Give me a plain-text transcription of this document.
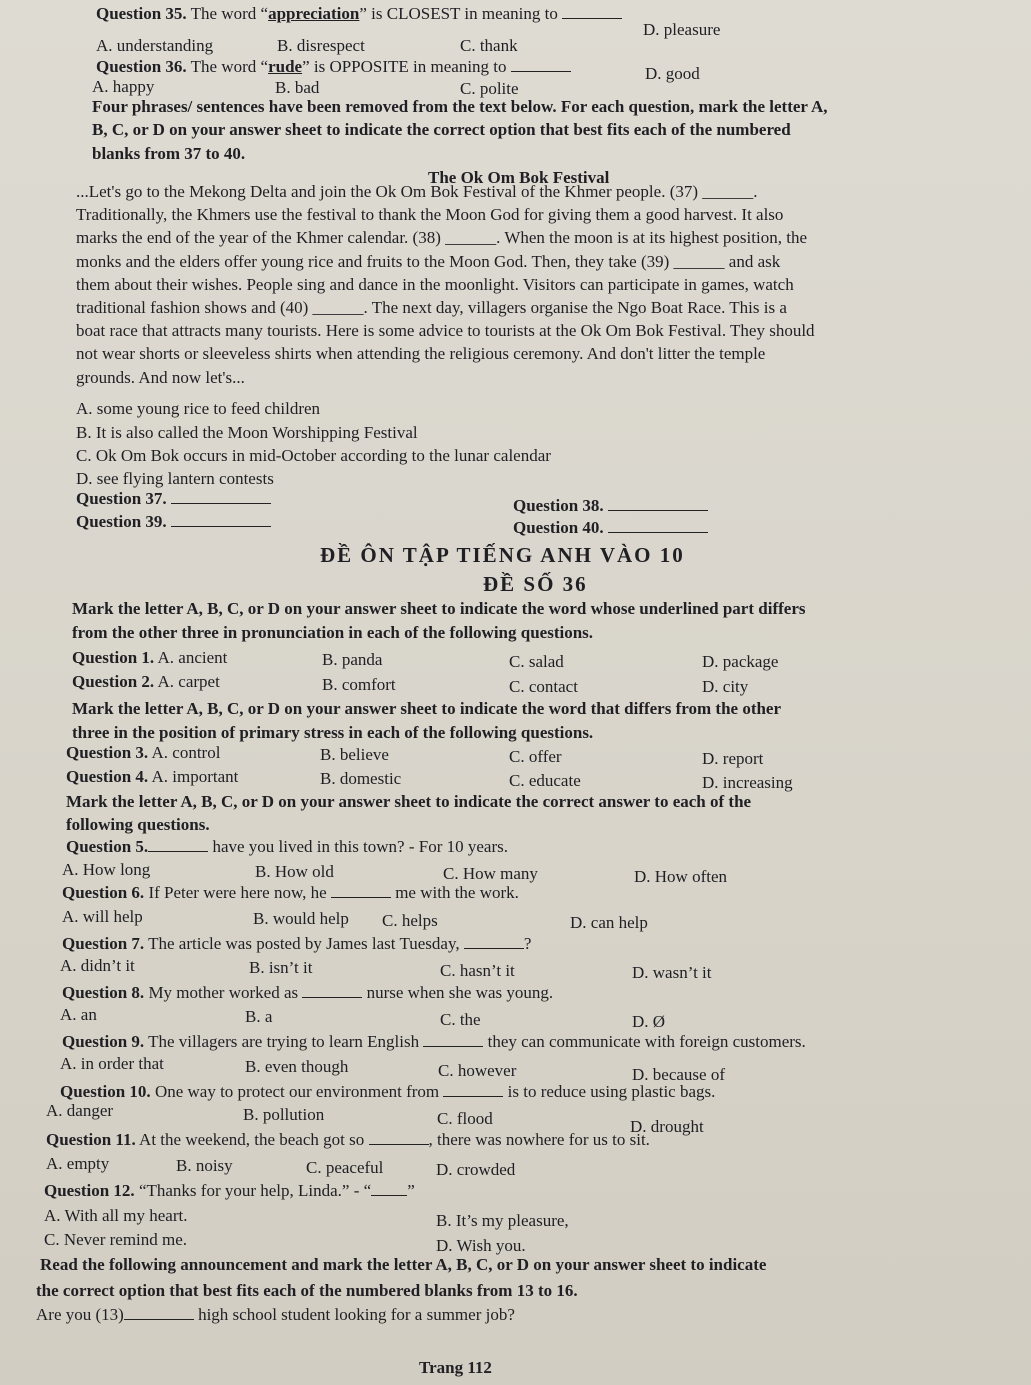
Question 35. The word “appreciation” is CLOSEST in meaning to
A. understanding	B. disrespect	C. thank
D. pleasure
Question 36. The word “rude” is OPPOSITE in meaning to
A. happy	B. bad	C. polite
D. good
Four phrases/ sentences have been removed from the text below. For each question, mark the letter A,
B, C, or D on your answer sheet to indicate the correct option that best fits each of the numbered
blanks from 37 to 40.
The Ok Om Bok Festival
...Let's go to the Mekong Delta and join the Ok Om Bok Festival of the Khmer people. (37) ______.
Traditionally, the Khmers use the festival to thank the Moon God for giving them a good harvest. It also
marks the end of the year of the Khmer calendar. (38) ______. When the moon is at its highest position, the
monks and the elders offer young rice and fruits to the Moon God. Then, they take (39) ______ and ask
them about their wishes. People sing and dance in the moonlight. Visitors can participate in games, watch
traditional fashion shows and (40) ______. The next day, villagers organise the Ngo Boat Race. This is a
boat race that attracts many tourists. Here is some advice to tourists at the Ok Om Bok Festival. They should
not wear shorts or sleeveless shirts when attending the religious ceremony. And don't litter the temple
grounds. And now let's...
A. some young rice to feed children
B. It is also called the Moon Worshipping Festival
C. Ok Om Bok occurs in mid-October according to the lunar calendar
D. see flying lantern contests
Question 37.	Question 38.
Question 39.	Question 40.
ĐỀ ÔN TẬP TIẾNG ANH VÀO 10
ĐỀ SỐ 36
Mark the letter A, B, C, or D on your answer sheet to indicate the word whose underlined part differs
from the other three in pronunciation in each of the following questions.
Question 1. A. ancient	B. panda	C. salad	D. package
Question 2. A. carpet	B. comfort	C. contact	D. city
Mark the letter A, B, C, or D on your answer sheet to indicate the word that differs from the other
three in the position of primary stress in each of the following questions.
Question 3. A. control	B. believe	C. offer	D. report
Question 4. A. important	B. domestic	C. educate	D. increasing
Mark the letter A, B, C, or D on your answer sheet to indicate the correct answer to each of the
following questions.
Question 5.	have you lived in this town? - For 10 years.
A. How long	B. How old	C. How many	D. How often
Question 6. If Peter were here now, he	me with the work.
A. will help	B. would help C. helps	D. can help
Question 7. The article was posted by James last Tuesday,	?
A. didn’t it	B. isn’t it	C. hasn’t it	D. wasn’t it
Question 8. My mother worked as	nurse when she was young.
A. an	B. a	C. the	D. Ø
Question 9. The villagers are trying to learn English	they can communicate with foreign customers.
A. in order that	B. even though	C. however	D. because of
Question 10. One way to protect our environment from	is to reduce using plastic bags.
A. danger	B. pollution	C. flood	D. drought
Question 11. At the weekend, the beach got so	, there was nowhere for us to sit.
A. empty	B. noisy	C. peaceful	D. crowded
Question 12. “Thanks for your help, Linda.” - “ ”
A. With all my heart.	B. It’s my pleasure,
C. Never remind me.	D. Wish you.
Read the following announcement and mark the letter A, B, C, or D on your answer sheet to indicate
the correct option that best fits each of the numbered blanks from 13 to 16.
Are you (13)	high school student looking for a summer job?
Trang 112
